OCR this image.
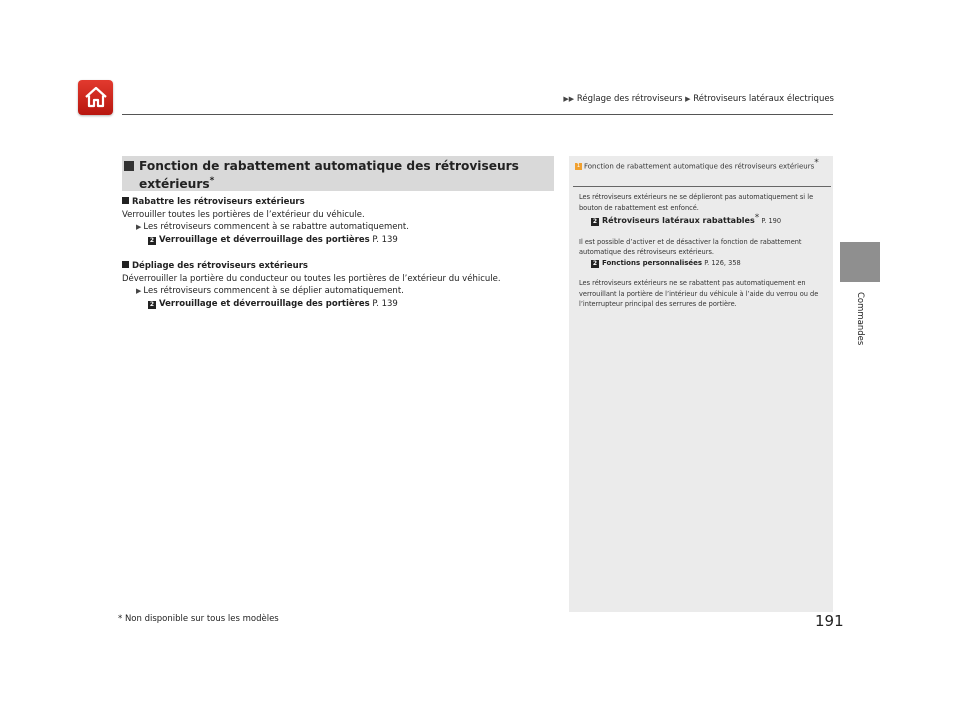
▶▶ Réglage des rétroviseurs ▶ Rétroviseurs latéraux électriques
Commandes
Fonction de rabattement automatique des rétroviseurs extérieurs*
Rabattre les rétroviseurs extérieurs
Verrouiller toutes les portières de l’extérieur du véhicule.
▶ Les rétroviseurs commencent à se rabattre automatiquement.
2 Verrouillage et déverrouillage des portières P. 139
Dépliage des rétroviseurs extérieurs
Déverrouiller la portière du conducteur ou toutes les portières de l’extérieur du véhicule.
▶ Les rétroviseurs commencent à se déplier automatiquement.
2 Verrouillage et déverrouillage des portières P. 139
1 Fonction de rabattement automatique des rétroviseurs extérieurs*

Les rétroviseurs extérieurs ne se déplieront pas automatiquement si le bouton de rabattement est enfoncé.
2 Rétroviseurs latéraux rabattables* P. 190

Il est possible d’activer et de désactiver la fonction de rabattement automatique des rétroviseurs extérieurs.
2 Fonctions personnalisées P. 126, 358

Les rétroviseurs extérieurs ne se rabattent pas automatiquement en verrouillant la portière de l’intérieur du véhicule à l’aide du verrou ou de l’interrupteur principal des serrures de portière.

* Non disponible sur tous les modèles	191
